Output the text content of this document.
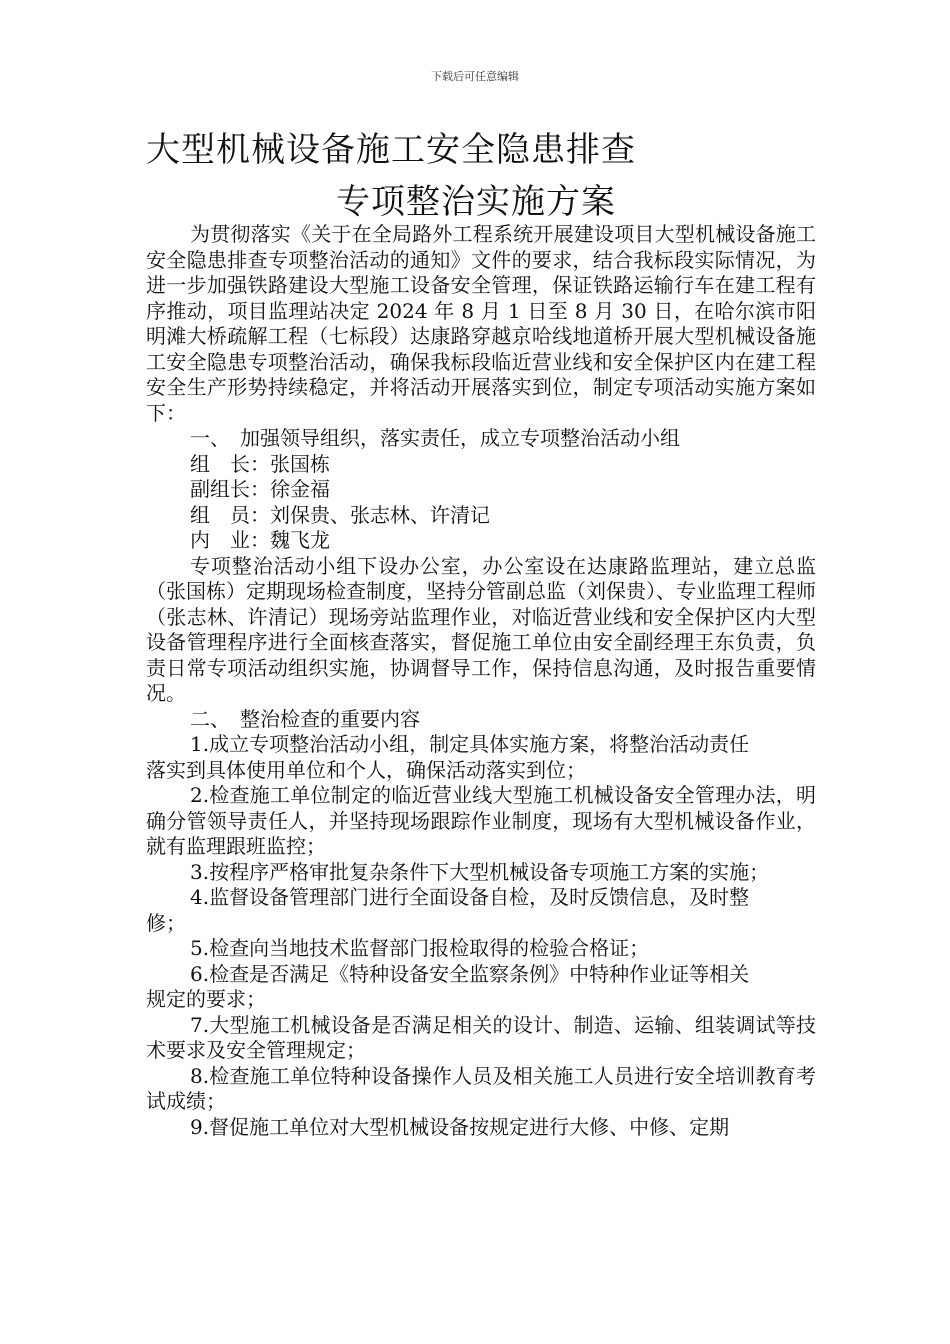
下载后可任意编辑
大型机械设备施工安全隐患排查
专项整治实施方案

为贯彻落实《关于在全局路外工程系统开展建设项目大型机械设备施工安全隐患排查专项整治活动的通知》文件的要求，结合我标段实际情况，为进一步加强铁路建设大型施工设备安全管理，保证铁路运输行车在建工程有序推动，项目监理站决定 2024 年 8 月 1 日至 8 月 30 日，在哈尔滨市阳明滩大桥疏解工程（七标段）达康路穿越京哈线地道桥开展大型机械设备施工安全隐患专项整治活动，确保我标段临近营业线和安全保护区内在建工程安全生产形势持续稳定，并将活动开展落实到位，制定专项活动实施方案如下：

一、　加强领导组织，落实责任，成立专项整治活动小组

组　长：张国栋

副组长：徐金福

组　员：刘保贵、张志林、许清记

内　业：魏飞龙

专项整治活动小组下设办公室，办公室设在达康路监理站，建立总监（张国栋）定期现场检查制度，坚持分管副总监（刘保贵）、专业监理工程师（张志林、许清记）现场旁站监理作业，对临近营业线和安全保护区内大型设备管理程序进行全面核查落实，督促施工单位由安全副经理王东负责，负责日常专项活动组织实施，协调督导工作，保持信息沟通，及时报告重要情况。

二、　整治检查的重要内容

1.成立专项整治活动小组，制定具体实施方案，将整治活动责任

落实到具体使用单位和个人，确保活动落实到位；

2.检查施工单位制定的临近营业线大型施工机械设备安全管理办法，明确分管领导责任人，并坚持现场跟踪作业制度，现场有大型机械设备作业，就有监理跟班监控；

3.按程序严格审批复杂条件下大型机械设备专项施工方案的实施；

4.监督设备管理部门进行全面设备自检，及时反馈信息，及时整

修；

5.检查向当地技术监督部门报检取得的检验合格证；

6.检查是否满足《特种设备安全监察条例》中特种作业证等相关

规定的要求；

7.大型施工机械设备是否满足相关的设计、制造、运输、组装调试等技术要求及安全管理规定；

8.检查施工单位特种设备操作人员及相关施工人员进行安全培训教育考试成绩；

9.督促施工单位对大型机械设备按规定进行大修、中修、定期
